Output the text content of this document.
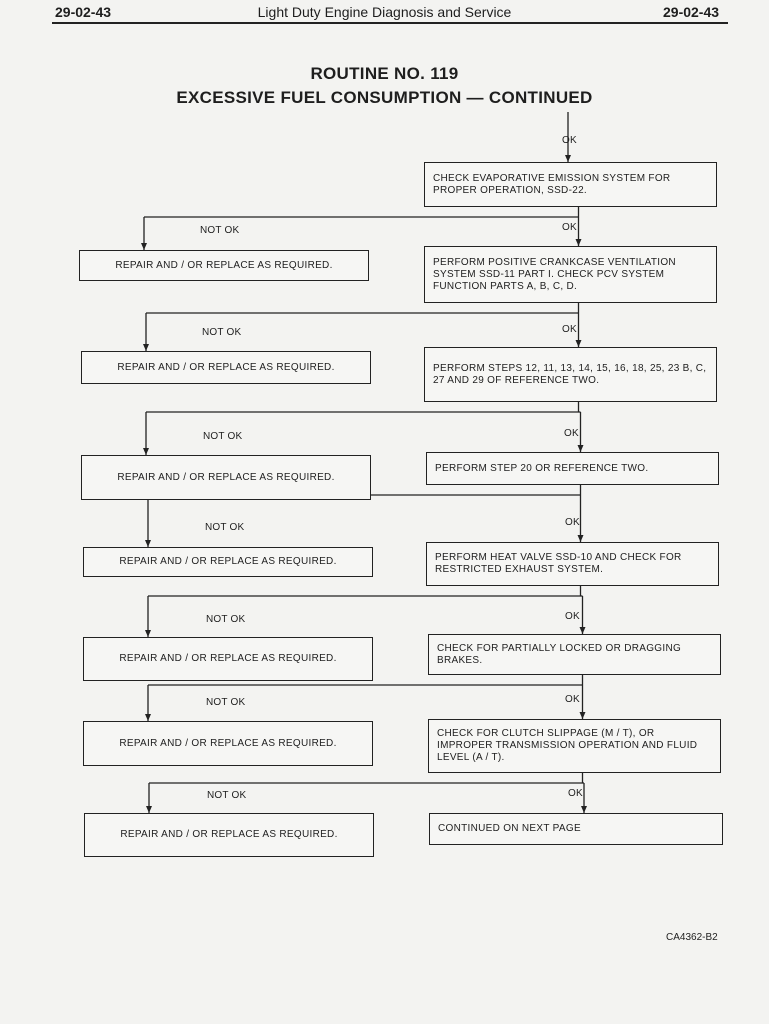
29-02-43	Light Duty Engine Diagnosis and Service	29-02-43
ROUTINE NO. 119
EXCESSIVE FUEL CONSUMPTION — CONTINUED
CHECK EVAPORATIVE EMISSION SYSTEM FOR PROPER OPERATION, SSD-22.
PERFORM POSITIVE CRANKCASE VENTILATION SYSTEM SSD-11 PART I. CHECK PCV SYSTEM FUNCTION PARTS A, B, C, D.
PERFORM STEPS 12, 11, 13, 14, 15, 16, 18, 25, 23 B, C, 27 AND 29 OF REFERENCE TWO.
PERFORM STEP 20 OR REFERENCE TWO.
PERFORM HEAT VALVE SSD-10 AND CHECK FOR RESTRICTED EXHAUST SYSTEM.
CHECK FOR PARTIALLY LOCKED OR DRAGGING BRAKES.
CHECK FOR CLUTCH SLIPPAGE (M / T), OR IMPROPER TRANSMISSION OPERATION AND FLUID LEVEL (A / T).
REPAIR AND / OR REPLACE AS REQUIRED.
REPAIR AND / OR REPLACE AS REQUIRED.
REPAIR AND / OR REPLACE AS REQUIRED.
REPAIR AND / OR REPLACE AS REQUIRED.
REPAIR AND / OR REPLACE AS REQUIRED.
REPAIR AND / OR REPLACE AS REQUIRED.
REPAIR AND / OR REPLACE AS REQUIRED.
CONTINUED ON NEXT PAGE
OK
OK
OK
OK
OK
OK
OK
OK
NOT OK
NOT OK
NOT OK
NOT OK
NOT OK
NOT OK
NOT OK
CA4362-B2
